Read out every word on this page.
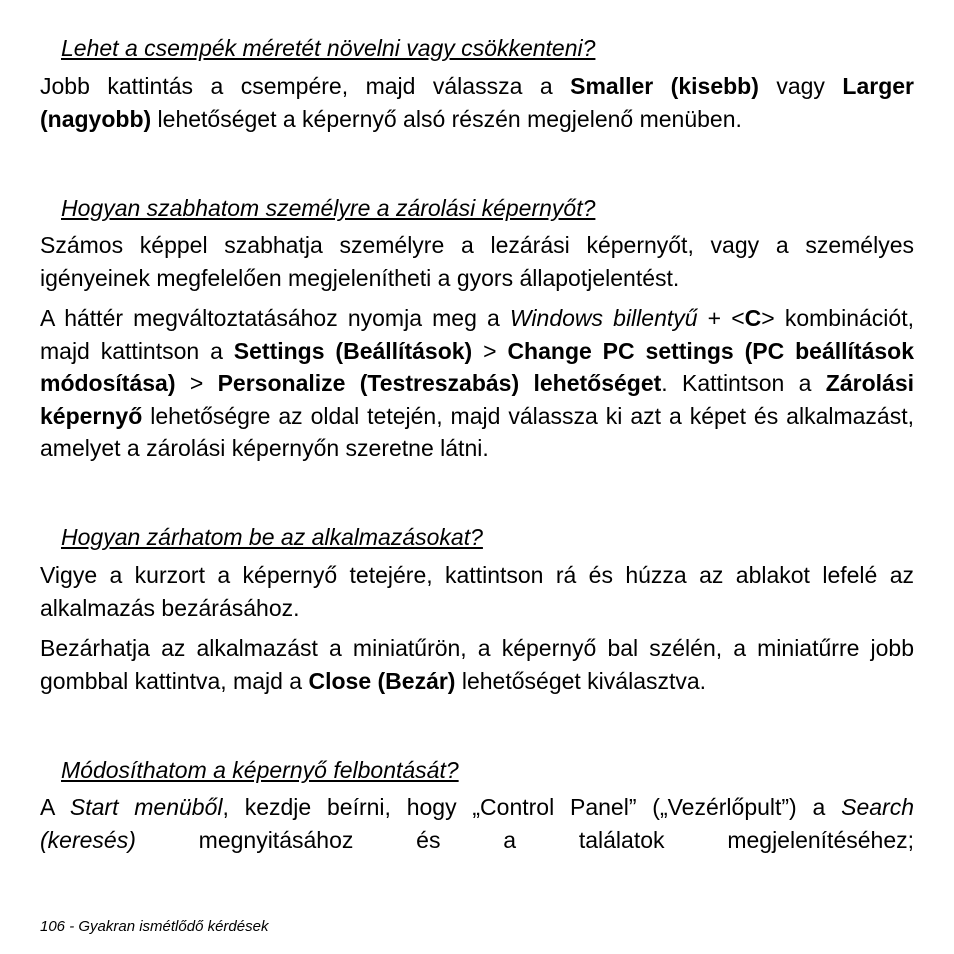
Lehet a csempék méretét növelni vagy csökkenteni?

Jobb kattintás a csempére, majd válassza a Smaller (kisebb) vagy Larger (nagyobb) lehetőséget a képernyő alsó részén megjelenő menüben.

Hogyan szabhatom személyre a zárolási képernyőt?

Számos képpel szabhatja személyre a lezárási képernyőt, vagy a személyes igényeinek megfelelően megjelenítheti a gyors állapotjelentést.

A háttér megváltoztatásához nyomja meg a Windows billentyű + <C> kombinációt, majd kattintson a Settings (Beállítások) > Change PC settings (PC beállítások módosítása) > Personalize (Testreszabás) lehetőséget. Kattintson a Zárolási képernyő lehetőségre az oldal tetején, majd válassza ki azt a képet és alkalmazást, amelyet a zárolási képernyőn szeretne látni.

Hogyan zárhatom be az alkalmazásokat?

Vigye a kurzort a képernyő tetejére, kattintson rá és húzza az ablakot lefelé az alkalmazás bezárásához.

Bezárhatja az alkalmazást a miniatűrön, a képernyő bal szélén, a miniatűrre jobb gombbal kattintva, majd a Close (Bezár) lehetőséget kiválasztva.

Módosíthatom a képernyő felbontását?

A Start menüből, kezdje beírni, hogy „Control Panel” („Vezérlőpult”) a Search (keresés) megnyitásához és a találatok megjelenítéséhez;

106 - Gyakran ismétlődő kérdések
